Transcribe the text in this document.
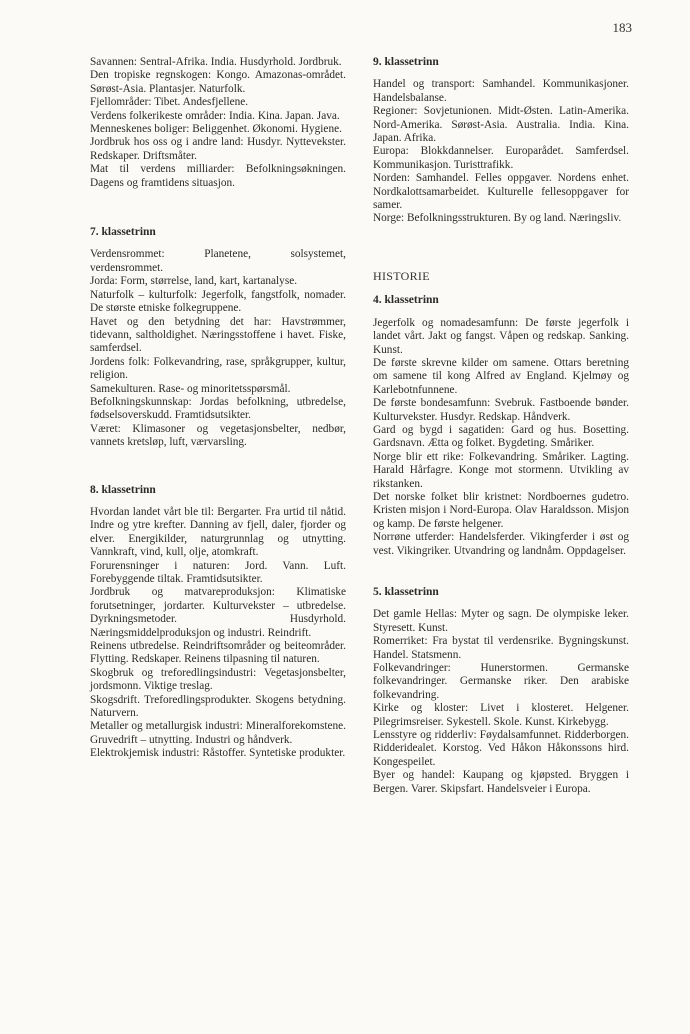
183

Savannen: Sentral-Afrika. India. Husdyrhold. Jordbruk.

Den tropiske regnskogen: Kongo. Amazonas-området. Sørøst-Asia. Plantasjer. Naturfolk.

Fjellområder: Tibet. Andesfjellene.

Verdens folkerikeste områder: India. Kina. Japan. Java.

Menneskenes boliger: Beliggenhet. Økonomi. Hygiene.

Jordbruk hos oss og i andre land: Husdyr. Nyttevekster. Redskaper. Driftsmåter.

Mat til verdens milliarder: Befolkningsøkningen. Dagens og framtidens situasjon.

7. klassetrinn

Verdensrommet: Planetene, solsystemet, verdensrommet.

Jorda: Form, størrelse, land, kart, kartanalyse.

Naturfolk – kulturfolk: Jegerfolk, fangstfolk, nomader. De største etniske folkegruppene.

Havet og den betydning det har: Havstrømmer, tidevann, saltholdighet. Næringsstoffene i havet. Fiske, samferdsel.

Jordens folk: Folkevandring, rase, språkgrupper, kultur, religion.

Samekulturen. Rase- og minoritetsspørsmål.

Befolkningskunnskap: Jordas befolkning, utbredelse, fødselsoverskudd. Framtidsutsikter.

Været: Klimasoner og vegetasjonsbelter, nedbør, vannets kretsløp, luft, værvarsling.

8. klassetrinn

Hvordan landet vårt ble til: Bergarter. Fra urtid til nåtid. Indre og ytre krefter. Danning av fjell, daler, fjorder og elver. Energikilder, naturgrunnlag og utnytting. Vannkraft, vind, kull, olje, atomkraft.

Forurensninger i naturen: Jord. Vann. Luft. Forebyggende tiltak. Framtidsutsikter.

Jordbruk og matvareproduksjon: Klimatiske forutsetninger, jordarter. Kulturvekster – utbredelse. Dyrkningsmetoder. Husdyrhold. Næringsmiddelproduksjon og industri. Reindrift.

Reinens utbredelse. Reindriftsområder og beiteområder. Flytting. Redskaper. Reinens tilpasning til naturen.

Skogbruk og treforedlingsindustri: Vegetasjonsbelter, jordsmonn. Viktige treslag.

Skogsdrift. Treforedlingsprodukter. Skogens betydning. Naturvern.

Metaller og metallurgisk industri: Mineralforekomstene. Gruvedrift – utnytting. Industri og håndverk.

Elektrokjemisk industri: Råstoffer. Syntetiske produkter.

9. klassetrinn

Handel og transport: Samhandel. Kommunikasjoner. Handelsbalanse.

Regioner: Sovjetunionen. Midt-Østen. Latin-Amerika. Nord-Amerika. Sørøst-Asia. Australia. India. Kina. Japan. Afrika.

Europa: Blokkdannelser. Europarådet. Samferdsel. Kommunikasjon. Turisttrafikk.

Norden: Samhandel. Felles oppgaver. Nordens enhet. Nordkalottsamarbeidet. Kulturelle fellesoppgaver for samer.

Norge: Befolkningsstrukturen. By og land. Næringsliv.

HISTORIE

4. klassetrinn

Jegerfolk og nomadesamfunn: De første jegerfolk i landet vårt. Jakt og fangst. Våpen og redskap. Sanking. Kunst.

De første skrevne kilder om samene. Ottars beretning om samene til kong Alfred av England. Kjelmøy og Karlebotnfunnene.

De første bondesamfunn: Svebruk. Fastboende bønder. Kulturvekster. Husdyr. Redskap. Håndverk.

Gard og bygd i sagatiden: Gard og hus. Bosetting. Gardsnavn. Ætta og folket. Bygdeting. Småriker.

Norge blir ett rike: Folkevandring. Småriker. Lagting. Harald Hårfagre. Konge mot stormenn. Utvikling av rikstanken.

Det norske folket blir kristnet: Nordboernes gudetro. Kristen misjon i Nord-Europa. Olav Haraldsson. Misjon og kamp. De første helgener.

Norrøne utferder: Handelsferder. Vikingferder i øst og vest. Vikingriker. Utvandring og landnåm. Oppdagelser.

5. klassetrinn

Det gamle Hellas: Myter og sagn. De olympiske leker. Styresett. Kunst.

Romerriket: Fra bystat til verdensrike. Bygningskunst. Handel. Statsmenn.

Folkevandringer: Hunerstormen. Germanske folkevandringer. Germanske riker. Den arabiske folkevandring.

Kirke og kloster: Livet i klosteret. Helgener. Pilegrimsreiser. Sykestell. Skole. Kunst. Kirkebygg.

Lensstyre og ridderliv: Føydalsamfunnet. Ridderborgen. Ridderidealet. Korstog. Ved Håkon Håkonssons hird. Kongespeilet.

Byer og handel: Kaupang og kjøpsted. Bryggen i Bergen. Varer. Skipsfart. Handelsveier i Europa.
